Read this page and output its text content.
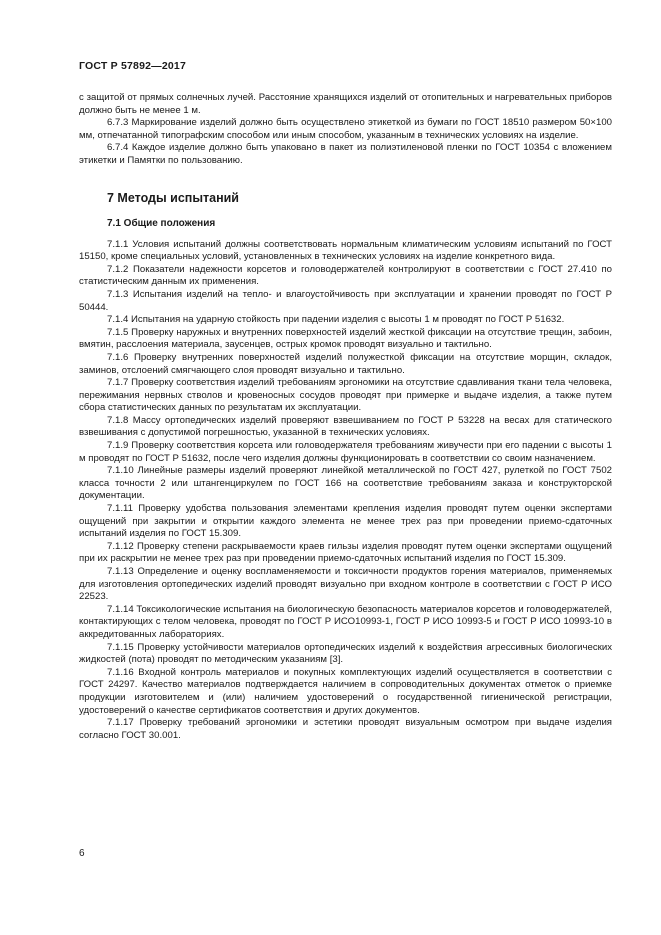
ГОСТ Р 57892—2017

с защитой от прямых солнечных лучей. Расстояние хранящихся изделий от отопительных и нагревательных приборов должно быть не менее 1 м.

6.7.3 Маркирование изделий должно быть осуществлено этикеткой из бумаги по ГОСТ 18510 размером 50×100 мм, отпечатанной типографским способом или иным способом, указанным в технических условиях на изделие.

6.7.4 Каждое изделие должно быть упаковано в пакет из полиэтиленовой пленки по ГОСТ 10354 с вложением этикетки и Памятки по пользованию.

7 Методы испытаний
7.1 Общие положения

7.1.1 Условия испытаний должны соответствовать нормальным климатическим условиям испытаний по ГОСТ 15150, кроме специальных условий, установленных в технических условиях на изделие конкретного вида.

7.1.2 Показатели надежности корсетов и головодержателей контролируют в соответствии с ГОСТ 27.410 по статистическим данным их применения.

7.1.3 Испытания изделий на тепло- и влагоустойчивость при эксплуатации и хранении проводят по ГОСТ Р 50444.

7.1.4 Испытания на ударную стойкость при падении изделия с высоты 1 м проводят по ГОСТ Р 51632.

7.1.5 Проверку наружных и внутренних поверхностей изделий жесткой фиксации на отсутствие трещин, забоин, вмятин, расслоения материала, заусенцев, острых кромок проводят визуально и тактильно.

7.1.6 Проверку внутренних поверхностей изделий полужесткой фиксации на отсутствие морщин, складок, заминов, отслоений смягчающего слоя проводят визуально и тактильно.

7.1.7 Проверку соответствия изделий требованиям эргономики на отсутствие сдавливания ткани тела человека, пережимания нервных стволов и кровеносных сосудов проводят при примерке и выдаче изделия, а также путем сбора статистических данных по результатам их эксплуатации.

7.1.8 Массу ортопедических изделий проверяют взвешиванием по ГОСТ Р 53228 на весах для статического взвешивания с допустимой погрешностью, указанной в технических условиях.

7.1.9 Проверку соответствия корсета или головодержателя требованиям живучести при его падении с высоты 1 м проводят по ГОСТ Р 51632, после чего изделия должны функционировать в соответствии со своим назначением.

7.1.10 Линейные размеры изделий проверяют линейкой металлической по ГОСТ 427, рулеткой по ГОСТ 7502 класса точности 2 или штангенциркулем по ГОСТ 166 на соответствие требованиям заказа и конструкторской документации.

7.1.11 Проверку удобства пользования элементами крепления изделия проводят путем оценки экспертами ощущений при закрытии и открытии каждого элемента не менее трех раз при проведении приемо-сдаточных испытаний изделия по ГОСТ 15.309.

7.1.12 Проверку степени раскрываемости краев гильзы изделия проводят путем оценки экспертами ощущений при их раскрытии не менее трех раз при проведении приемо-сдаточных испытаний изделия по ГОСТ 15.309.

7.1.13 Определение и оценку воспламеняемости и токсичности продуктов горения материалов, применяемых для изготовления ортопедических изделий проводят визуально при входном контроле в соответствии с ГОСТ Р ИСО 22523.

7.1.14 Токсикологические испытания на биологическую безопасность материалов корсетов и головодержателей, контактирующих с телом человека, проводят по ГОСТ Р ИСО10993-1, ГОСТ Р ИСО 10993-5 и ГОСТ Р ИСО 10993-10 в аккредитованных лабораториях.

7.1.15 Проверку устойчивости материалов ортопедических изделий к воздействия агрессивных биологических жидкостей (пота) проводят по методическим указаниям [3].

7.1.16 Входной контроль материалов и покупных комплектующих изделий осуществляется в соответствии с ГОСТ 24297. Качество материалов подтверждается наличием в сопроводительных документах отметок о приемке продукции изготовителем и (или) наличием удостоверений о государственной гигиенической регистрации, удостоверений о качестве сертификатов соответствия и других документов.

7.1.17 Проверку требований эргономики и эстетики проводят визуальным осмотром при выдаче изделия согласно ГОСТ 30.001.

6
